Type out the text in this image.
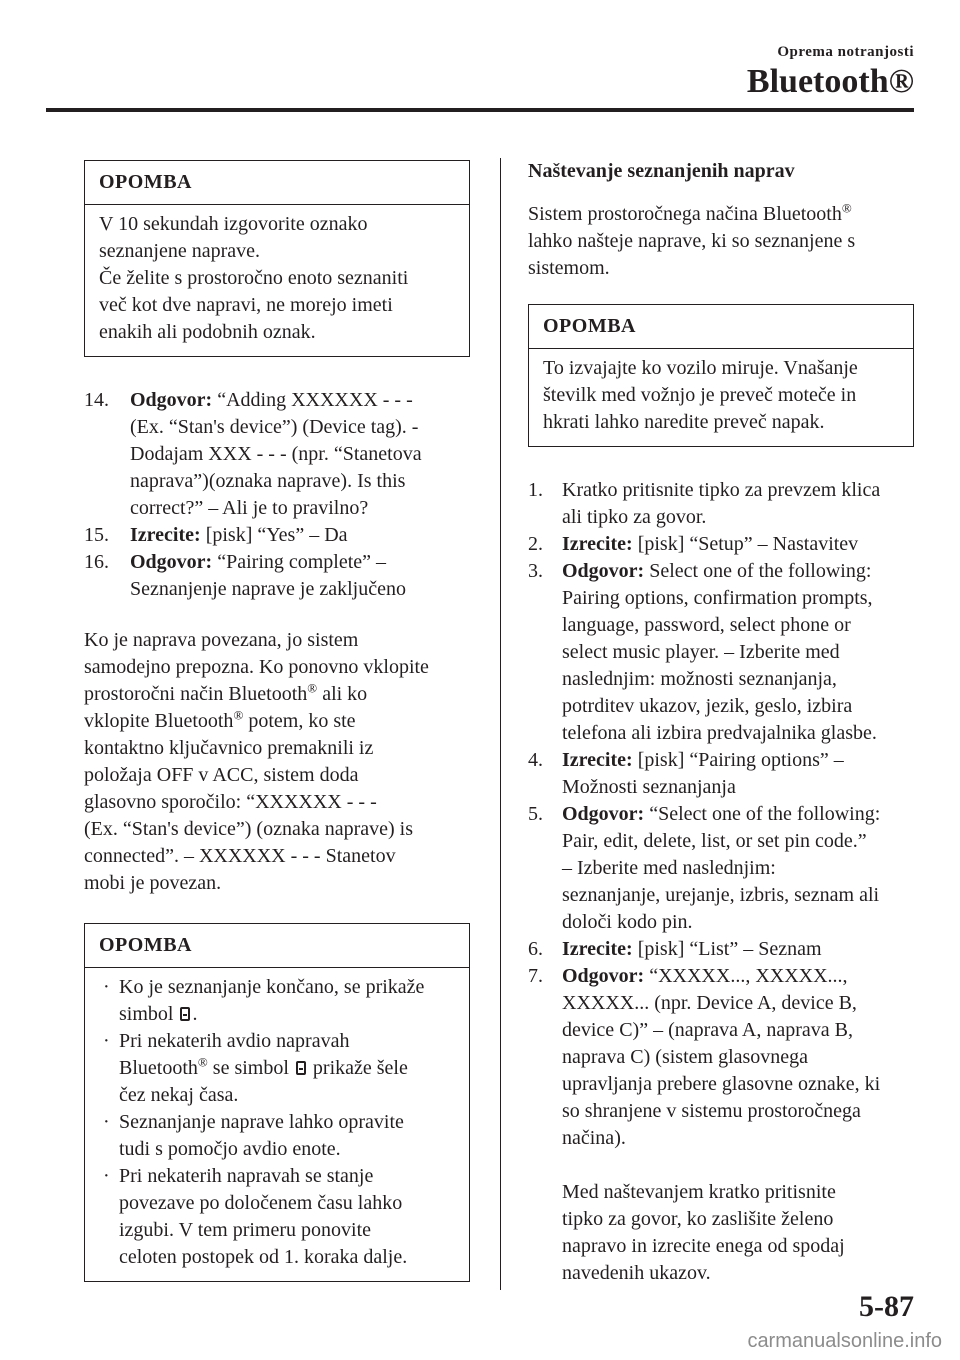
Oprema notranjosti
Bluetooth®
OPOMBA
V 10 sekundah izgovorite oznako
seznanjene naprave.
Če želite s prostoročno enoto seznaniti
več kot dve napravi, ne morejo imeti
enakih ali podobnih oznak.
14. Odgovor: “Adding XXXXXX - - -
(Ex. “Stan's device”) (Device tag). -
Dodajam XXX - - - (npr. “Stanetova
naprava”)(oznaka naprave). Is this
correct?” – Ali je to pravilno?
15. Izrecite: [pisk] “Yes” – Da
16. Odgovor: “Pairing complete” –
Seznanjenje naprave je zaključeno
Ko je naprava povezana, jo sistem
samodejno prepozna. Ko ponovno vklopite
prostoročni način Bluetooth® ali ko
vklopite Bluetooth® potem, ko ste
kontaktno ključavnico premaknili iz
položaja OFF v ACC, sistem doda
glasovno sporočilo: “XXXXXX - - -
(Ex. “Stan's device”) (oznaka naprave) is
connected”. – XXXXXX - - - Stanetov
mobi je povezan.
OPOMBA
· Ko je seznanjanje končano, se prikaže
simbol .
· Pri nekaterih avdio napravah
Bluetooth® se simbol prikaže šele
čez nekaj časa.
· Seznanjanje naprave lahko opravite
tudi s pomočjo avdio enote.
· Pri nekaterih napravah se stanje
povezave po določenem času lahko
izgubi. V tem primeru ponovite
celoten postopek od 1. koraka dalje.
Naštevanje seznanjenih naprav
Sistem prostoročnega načina Bluetooth®
lahko našteje naprave, ki so seznanjene s
sistemom.
OPOMBA
To izvajajte ko vozilo miruje. Vnašanje
številk med vožnjo je preveč moteče in
hkrati lahko naredite preveč napak.
1. Kratko pritisnite tipko za prevzem klica
ali tipko za govor.
2. Izrecite: [pisk] “Setup” – Nastavitev
3. Odgovor: Select one of the following:
Pairing options, confirmation prompts,
language, password, select phone or
select music player. – Izberite med
naslednjim: možnosti seznanjanja,
potrditev ukazov, jezik, geslo, izbira
telefona ali izbira predvajalnika glasbe.
4. Izrecite: [pisk] “Pairing options” –
Možnosti seznanjanja
5. Odgovor: “Select one of the following:
Pair, edit, delete, list, or set pin code.”
– Izberite med naslednjim:
seznanjanje, urejanje, izbris, seznam ali
določi kodo pin.
6. Izrecite: [pisk] “List” – Seznam
7. Odgovor: “XXXXX..., XXXXX...,
XXXXX... (npr. Device A, device B,
device C)” – (naprava A, naprava B,
naprava C) (sistem glasovnega
upravljanja prebere glasovne oznake, ki
so shranjene v sistemu prostoročnega
načina).
Med naštevanjem kratko pritisnite
tipko za govor, ko zaslišite želeno
napravo in izrecite enega od spodaj
navedenih ukazov.
5-87
carmanualsonline.info
